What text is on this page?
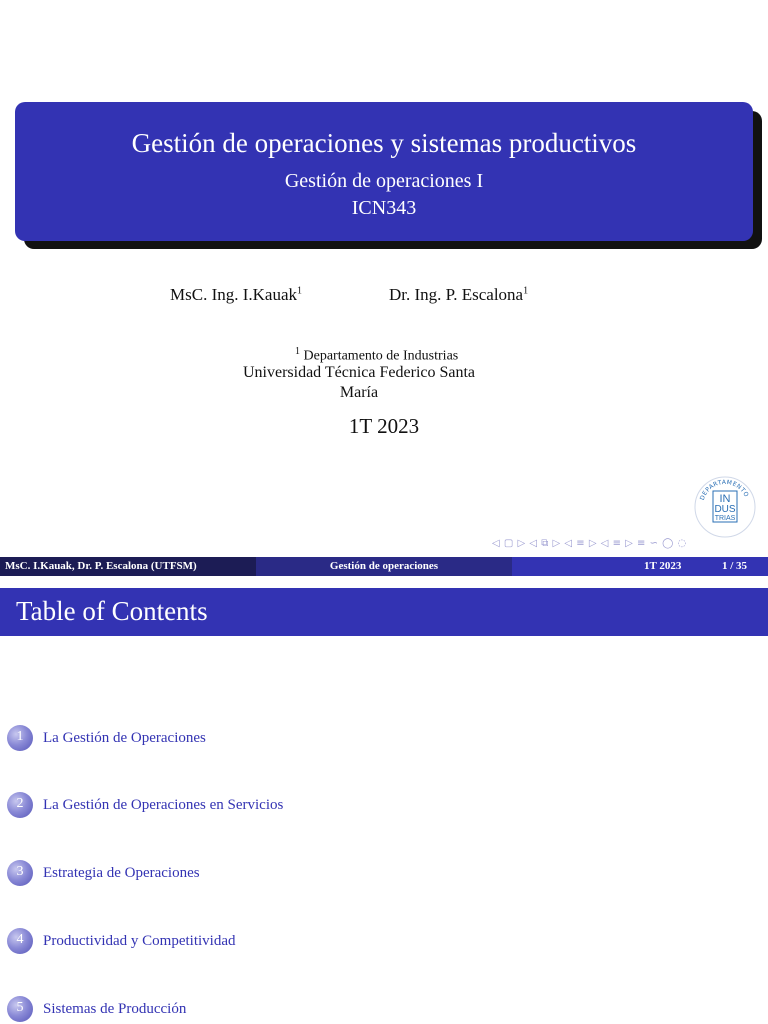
Gestión de operaciones y sistemas productivos
Gestión de operaciones I
ICN343
MsC. Ing. I.Kauak$^1$	Dr. Ing. P. Escalona$^1$
$^1$ Departamento de Industrias
Universidad Técnica Federico Santa
María
1T 2023
DEPARTAMENTO
IN
DUS
TRIAS
◁ ▢ ▷ ◁ ⧉ ▷ ◁ ≡ ▷ ◁ ≡ ▷ ≡ ∽ ◯ ◌
MsC. I.Kauak, Dr. P. Escalona (UTFSM)	Gestión de operaciones	1T 2023	1 / 35
Table of Contents
1	La Gestión de Operaciones
2	La Gestión de Operaciones en Servicios
3	Estrategia de Operaciones
4	Productividad y Competitividad
5	Sistemas de Producción
